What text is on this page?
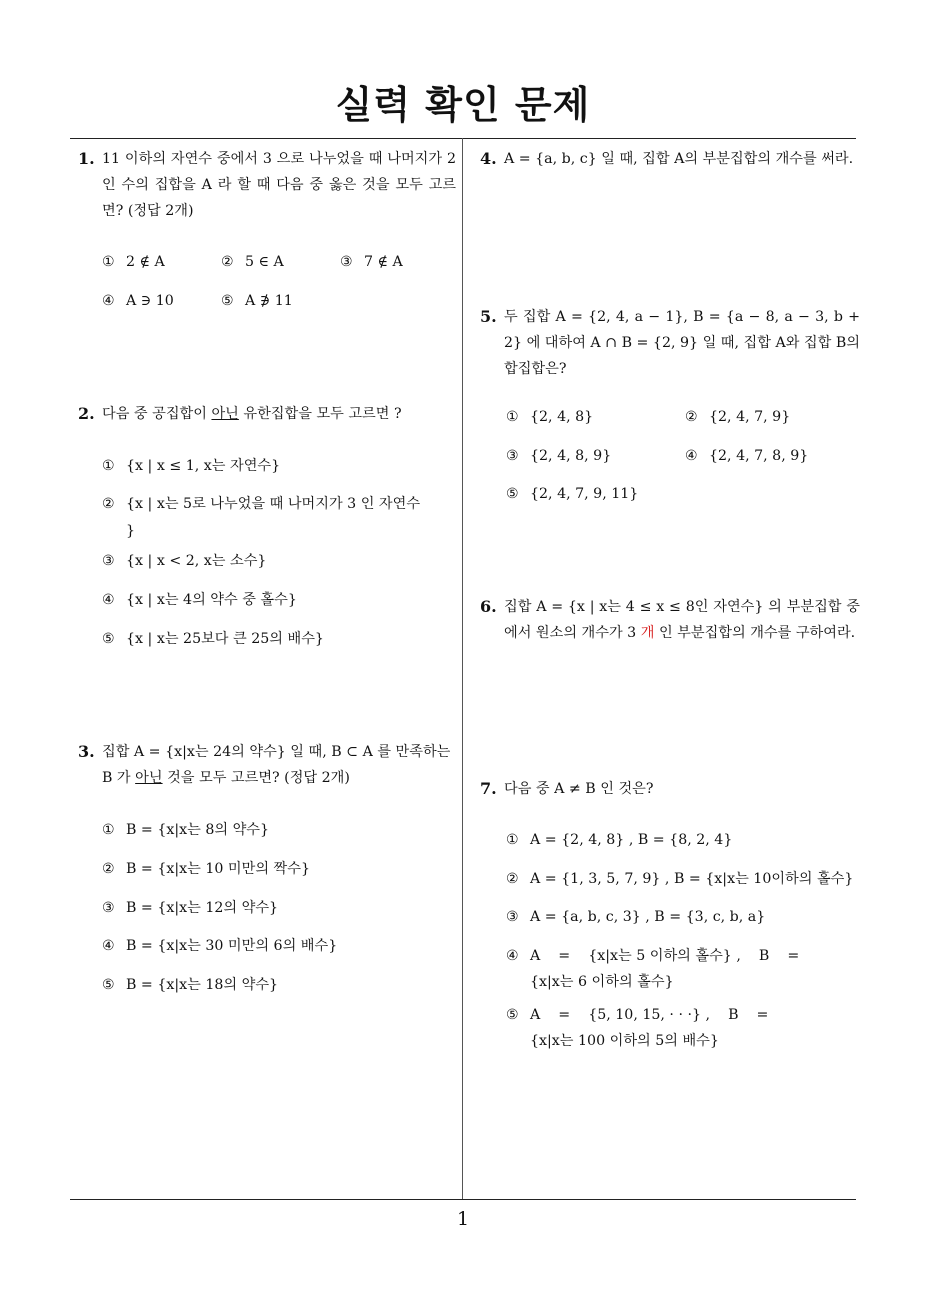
실력 확인 문제
1
1. 11 이하의 자연수 중에서 3 으로 나누었을 때 나머지가 2 인 수의 집합을 A 라 할 때 다음 중 옳은 것을 모두 고르면? (정답 2개)
① 2 ∉ A	② 5 ∈ A	③ 7 ∉ A
④ A ∋ 10	⑤ A ∌ 11
2. 다음 중 공집합이 아닌 유한집합을 모두 고르면 ?
① {x | x ≤ 1, x는 자연수}
② {x | x는 5로 나누었을 때 나머지가 3 인 자연수
}
③ {x | x < 2, x는 소수}
④ {x | x는 4의 약수 중 홀수}
⑤ {x | x는 25보다 큰 25의 배수}
3. 집합 A = {x|x는 24의 약수} 일 때, B ⊂ A 를 만족하는 B 가 아닌 것을 모두 고르면? (정답 2개)
① B = {x|x는 8의 약수}
② B = {x|x는 10 미만의 짝수}
③ B = {x|x는 12의 약수}
④ B = {x|x는 30 미만의 6의 배수}
⑤ B = {x|x는 18의 약수}
4. A = {a, b, c} 일 때, 집합 A의 부분집합의 개수를 써라.
5. 두 집합 A = {2, 4, a − 1}, B = {a − 8, a − 3, b + 2} 에 대하여 A ∩ B = {2, 9} 일 때, 집합 A와 집합 B의 합집합은?
① {2, 4, 8}	② {2, 4, 7, 9}
③ {2, 4, 8, 9}	④ {2, 4, 7, 8, 9}
⑤ {2, 4, 7, 9, 11}
6. 집합 A = {x | x는 4 ≤ x ≤ 8인 자연수} 의 부분집합 중에서 원소의 개수가 3 개 인 부분집합의 개수를 구하여라.
7. 다음 중 A ≠ B 인 것은?
① A = {2, 4, 8} , B = {8, 2, 4}
② A = {1, 3, 5, 7, 9} , B = {x|x는 10이하의 홀수}
③ A = {a, b, c, 3} , B = {3, c, b, a}
④ A    =    {x|x는 5 이하의 홀수} ,    B    =
{x|x는 6 이하의 홀수}
⑤ A    =    {5, 10, 15, · · ·} ,    B    =
{x|x는 100 이하의 5의 배수}
